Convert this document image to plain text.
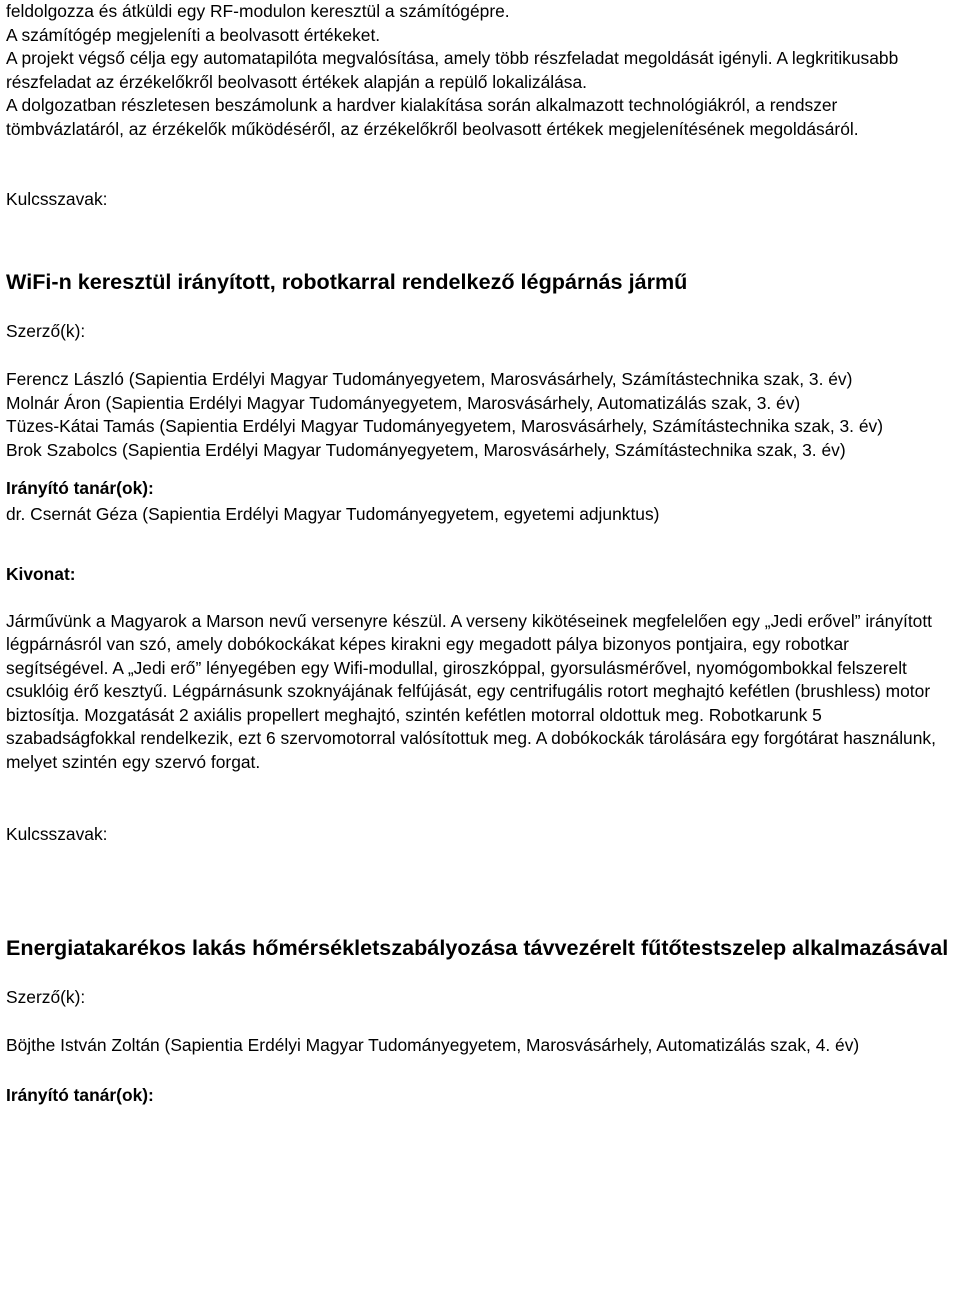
feldolgozza és átküldi egy RF-modulon keresztül a számítógépre.

A számítógép megjeleníti a beolvasott értékeket.

A projekt végső célja egy automatapilóta megvalósítása, amely több részfeladat megoldását igényli. A legkritikusabb részfeladat az érzékelőkről beolvasott értékek alapján a repülő lokalizálása.

A dolgozatban részletesen beszámolunk a hardver kialakítása során alkalmazott technológiákról, a rendszer tömbvázlatáról, az érzékelők működéséről, az érzékelőkről beolvasott értékek megjelenítésének megoldásáról.

Kulcsszavak:
WiFi-n keresztül irányított, robotkarral rendelkező légpárnás jármű
Szerző(k):

Ferencz László (Sapientia Erdélyi Magyar Tudományegyetem, Marosvásárhely, Számítástechnika szak, 3. év)

Molnár Áron (Sapientia Erdélyi Magyar Tudományegyetem, Marosvásárhely, Automatizálás szak, 3. év)

Tüzes-Kátai Tamás (Sapientia Erdélyi Magyar Tudományegyetem, Marosvásárhely, Számítástechnika szak, 3. év)

Brok Szabolcs (Sapientia Erdélyi Magyar Tudományegyetem, Marosvásárhely, Számítástechnika szak, 3. év)

Irányító tanár(ok):

dr. Csernát Géza (Sapientia Erdélyi Magyar Tudományegyetem, egyetemi adjunktus)

Kivonat:

Járművünk a Magyarok a Marson nevű versenyre készül. A verseny kikötéseinek megfelelően egy „Jedi erővel” irányított légpárnásról van szó, amely dobókockákat képes kirakni egy megadott pálya bizonyos pontjaira, egy robotkar segítségével. A „Jedi erő” lényegében egy Wifi-modullal, giroszkóppal, gyorsulásmérővel, nyomógombokkal felszerelt csuklóig érő kesztyű. Légpárnásunk szoknyájának felfújását, egy centrifugális rotort meghajtó kefétlen (brushless) motor biztosítja. Mozgatását 2 axiális propellert meghajtó, szintén kefétlen motorral oldottuk meg. Robotkarunk 5 szabadságfokkal rendelkezik, ezt 6 szervomotorral valósítottuk meg. A dobókockák tárolására egy forgótárat használunk, melyet szintén egy szervó forgat.

Kulcsszavak:
Energiatakarékos lakás hőmérsékletszabályozása távvezérelt fűtőtestszelep alkalmazásával
Szerző(k):

Böjthe István Zoltán (Sapientia Erdélyi Magyar Tudományegyetem, Marosvásárhely, Automatizálás szak, 4. év)

Irányító tanár(ok):
